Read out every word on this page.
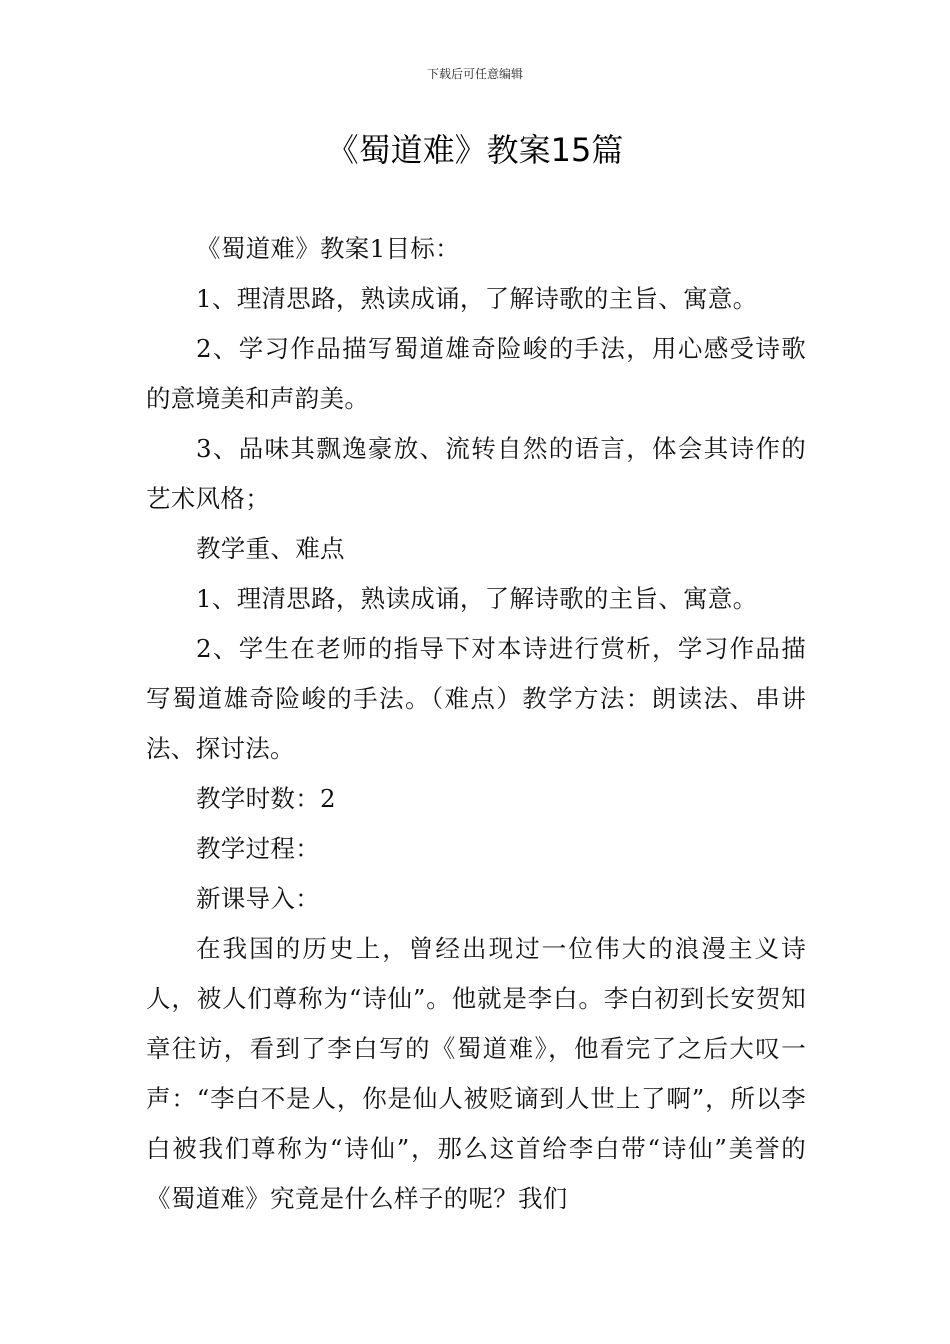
下载后可任意编辑
《蜀道难》教案15篇

《蜀道难》教案1目标：

1、理清思路，熟读成诵，了解诗歌的主旨、寓意。

2、学习作品描写蜀道雄奇险峻的手法，用心感受诗歌的意境美和声韵美。

3、品味其飘逸豪放、流转自然的语言，体会其诗作的艺术风格；

教学重、难点

1、理清思路，熟读成诵，了解诗歌的主旨、寓意。

2、学生在老师的指导下对本诗进行赏析，学习作品描写蜀道雄奇险峻的手法。（难点）教学方法：朗读法、串讲法、探讨法。

教学时数：2

教学过程：

新课导入：

在我国的历史上，曾经出现过一位伟大的浪漫主义诗人，被人们尊称为“诗仙”。他就是李白。李白初到长安贺知章往访，看到了李白写的《蜀道难》，他看完了之后大叹一声：“李白不是人，你是仙人被贬谪到人世上了啊”，所以李白被我们尊称为“诗仙”，那么这首给李白带“诗仙”美誉的《蜀道难》究竟是什么样子的呢？我们
